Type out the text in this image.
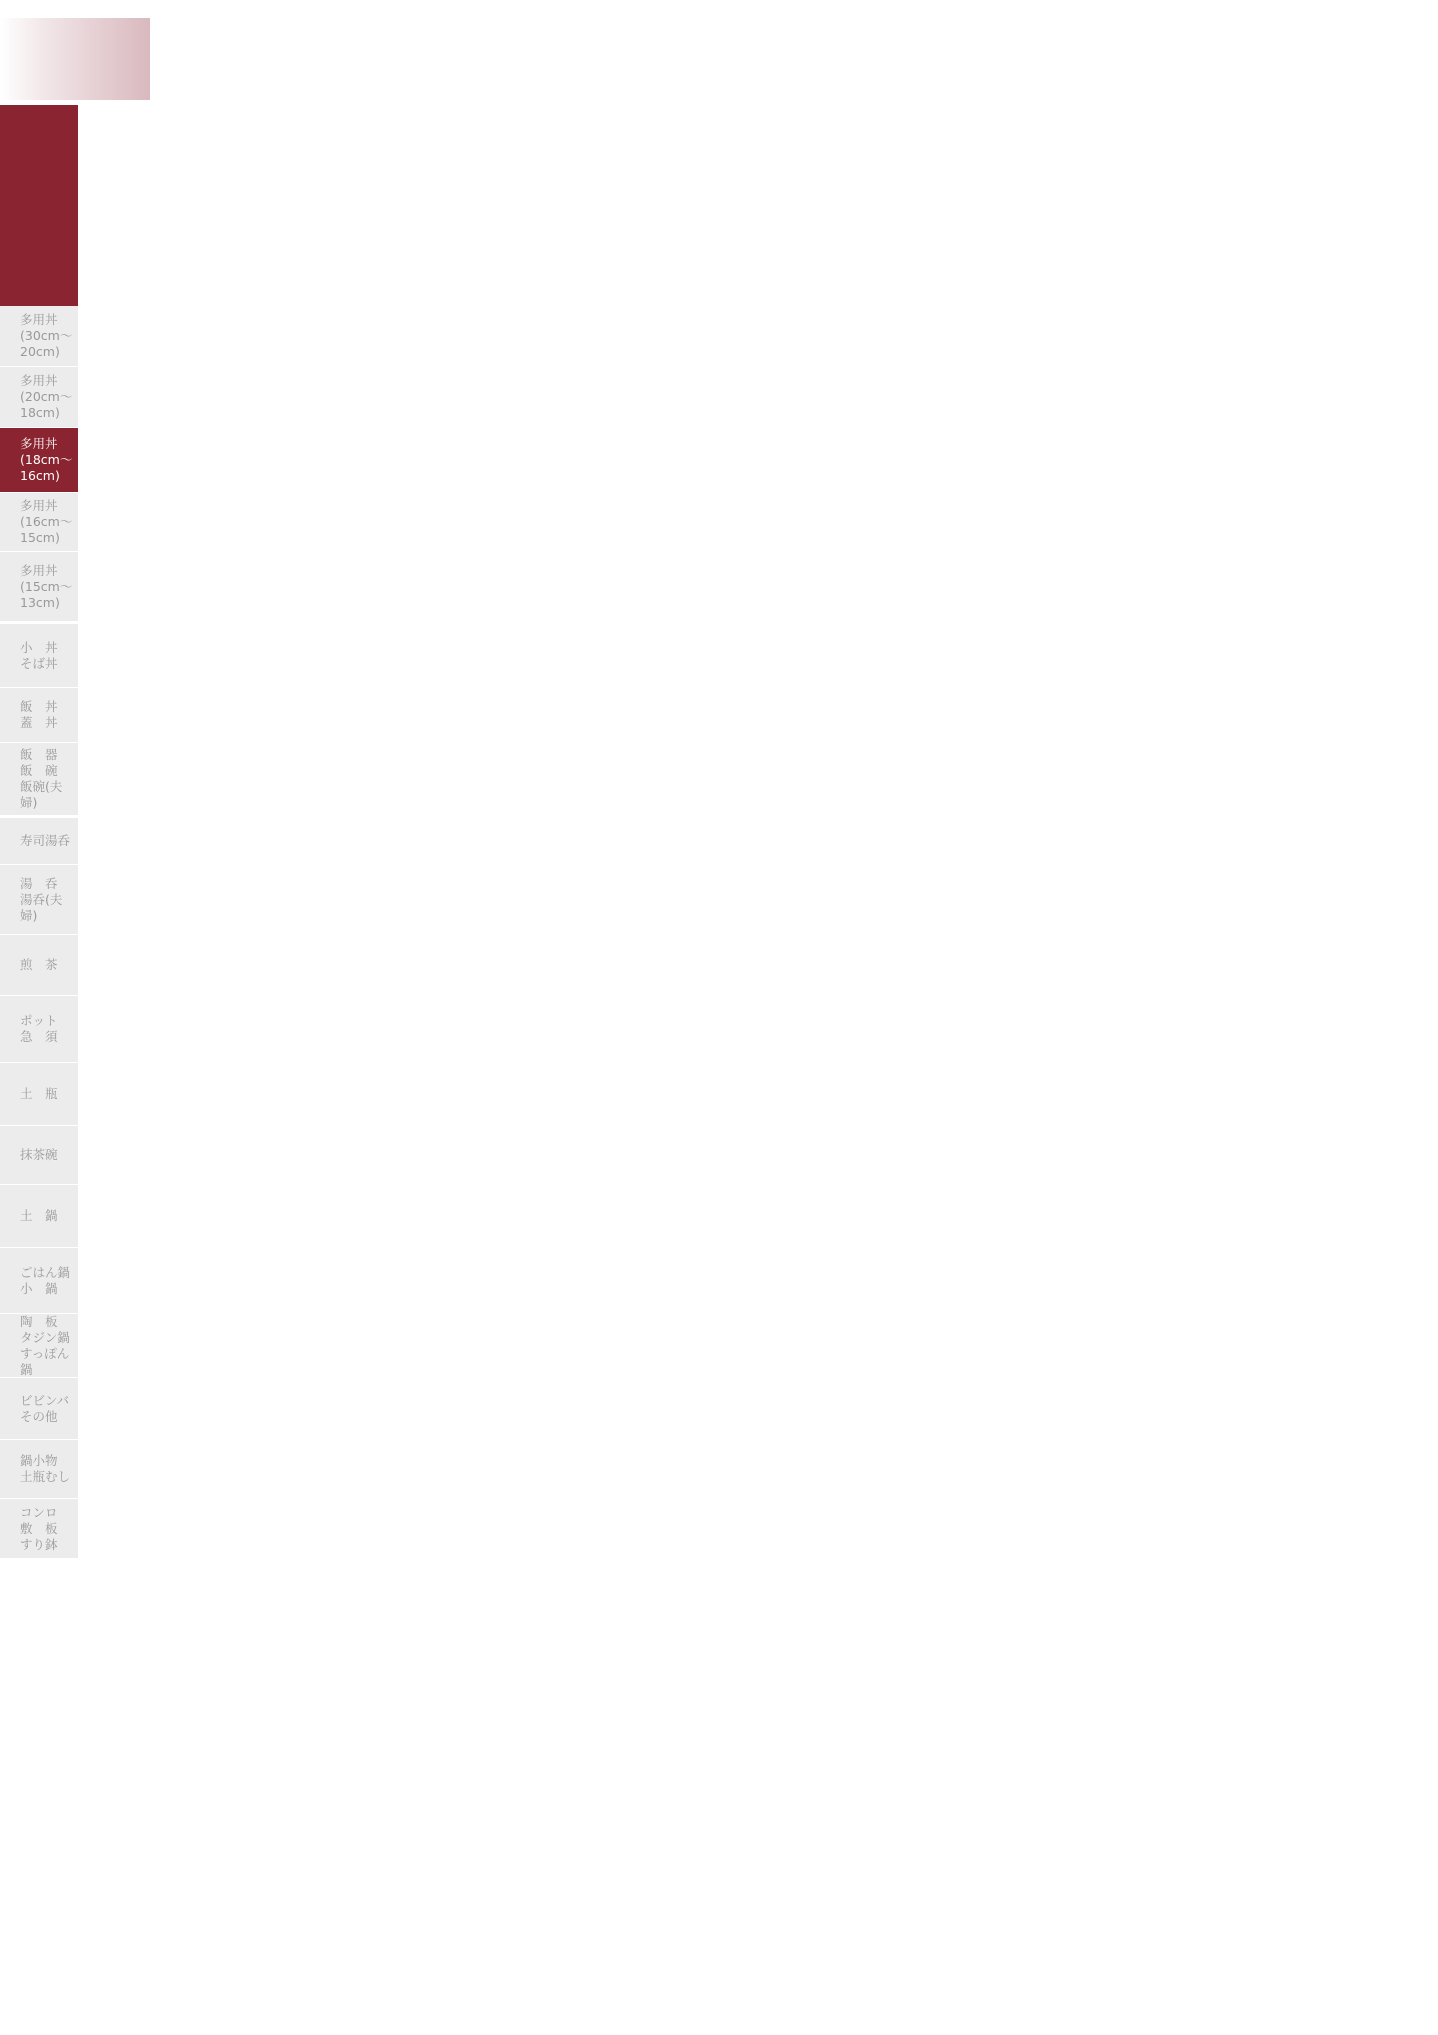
多用丼
(30cm〜
20cm)
多用丼
(20cm〜
18cm)
多用丼
(18cm〜
16cm)
多用丼
(16cm〜
15cm)
多用丼
(15cm〜
13cm)
小　丼
そば丼
飯　丼
蓋　丼
飯　器
飯　碗
飯碗(夫婦)
寿司湯呑
湯　呑
湯呑(夫婦)
煎　茶
ポット
急　須
土　瓶
抹茶碗
土　鍋
ごはん鍋
小　鍋
陶　板
タジン鍋
すっぽん鍋
ビビンバ
その他
鍋小物
土瓶むし
コンロ
敷　板
すり鉢
